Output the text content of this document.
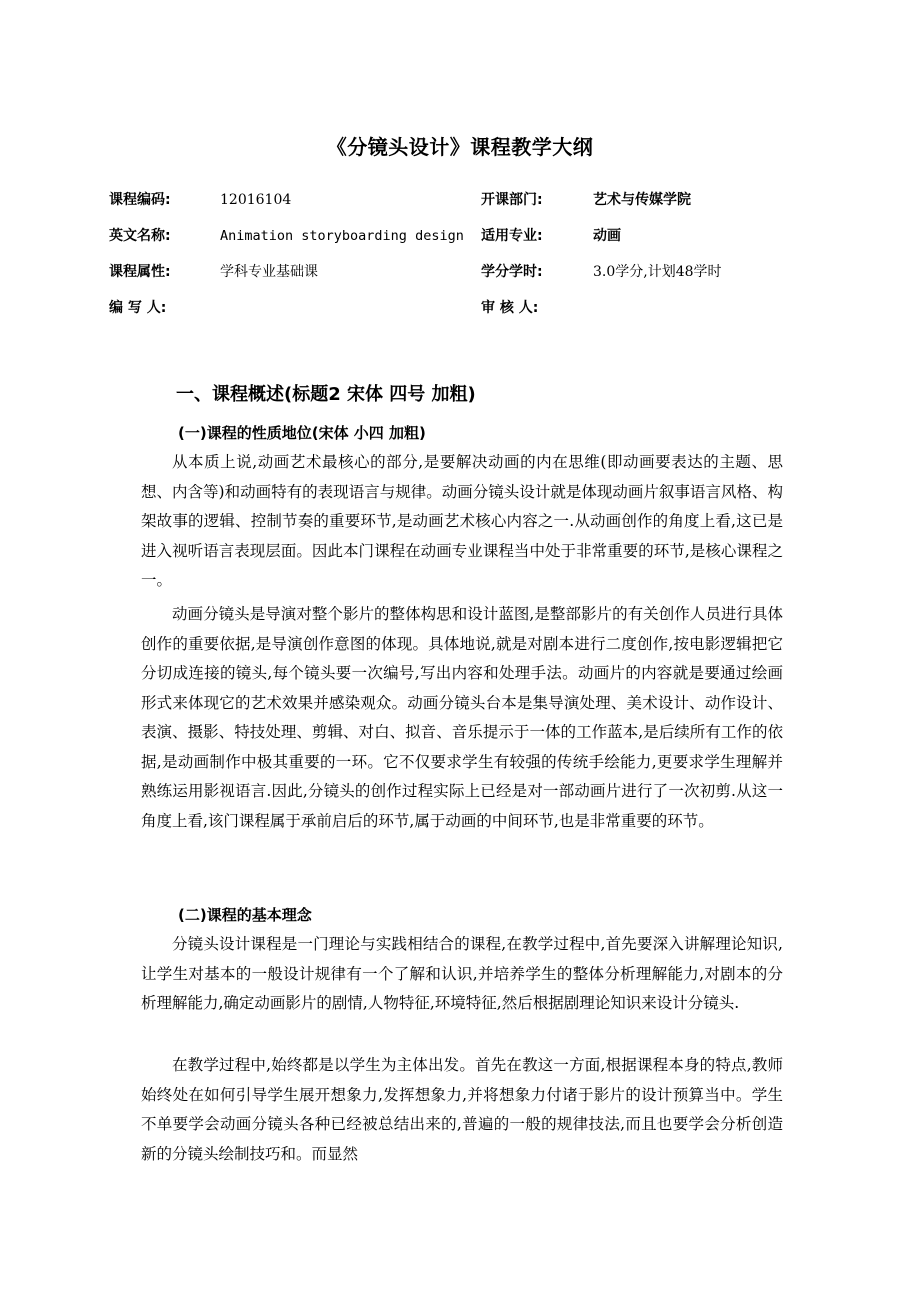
《分镜头设计》课程教学大纲
课程编码:	12016104	开课部门:	艺术与传媒学院
英文名称:	Animation storyboarding design 适用专业:	动画
课程属性:	学科专业基础课	学分学时:	3.0学分,计划48学时
编 写 人:	审 核 人:
一、课程概述(标题2 宋体 四号 加粗)
(一)课程的性质地位(宋体 小四 加粗)

从本质上说,动画艺术最核心的部分,是要解决动画的内在思维(即动画要表达的主题、思想、内含等)和动画特有的表现语言与规律。动画分镜头设计就是体现动画片叙事语言风格、构架故事的逻辑、控制节奏的重要环节,是动画艺术核心内容之一.从动画创作的角度上看,这已是进入视听语言表现层面。因此本门课程在动画专业课程当中处于非常重要的环节,是核心课程之一。

动画分镜头是导演对整个影片的整体构思和设计蓝图,是整部影片的有关创作人员进行具体创作的重要依据,是导演创作意图的体现。具体地说,就是对剧本进行二度创作,按电影逻辑把它分切成连接的镜头,每个镜头要一次编号,写出内容和处理手法。动画片的内容就是要通过绘画形式来体现它的艺术效果并感染观众。动画分镜头台本是集导演处理、美术设计、动作设计、表演、摄影、特技处理、剪辑、对白、拟音、音乐提示于一体的工作蓝本,是后续所有工作的依据,是动画制作中极其重要的一环。它不仅要求学生有较强的传统手绘能力,更要求学生理解并熟练运用影视语言.因此,分镜头的创作过程实际上已经是对一部动画片进行了一次初剪.从这一角度上看,该门课程属于承前启后的环节,属于动画的中间环节,也是非常重要的环节。

(二)课程的基本理念

分镜头设计课程是一门理论与实践相结合的课程,在教学过程中,首先要深入讲解理论知识,让学生对基本的一般设计规律有一个了解和认识,并培养学生的整体分析理解能力,对剧本的分析理解能力,确定动画影片的剧情,人物特征,环境特征,然后根据剧理论知识来设计分镜头.

在教学过程中,始终都是以学生为主体出发。首先在教这一方面,根据课程本身的特点,教师始终处在如何引导学生展开想象力,发挥想象力,并将想象力付诸于影片的设计预算当中。学生不单要学会动画分镜头各种已经被总结出来的,普遍的一般的规律技法,而且也要学会分析创造新的分镜头绘制技巧和。而显然
